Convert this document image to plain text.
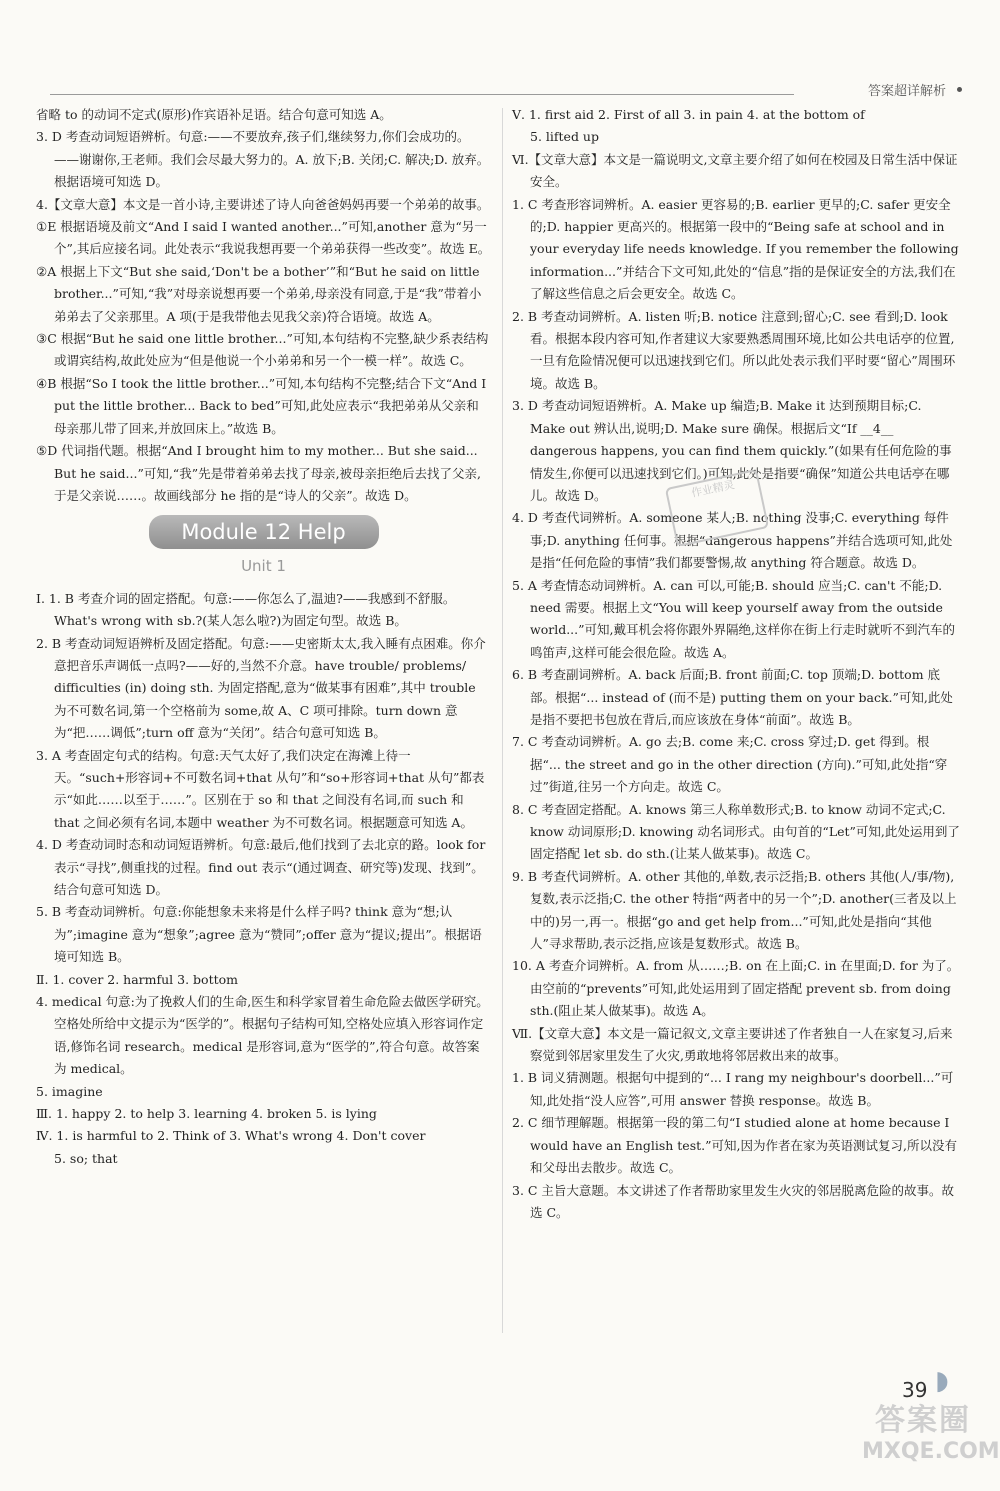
答案超详解析

省略 to 的动词不定式(原形)作宾语补足语。结合句意可知选 A。

3. D 考查动词短语辨析。句意:——不要放弃,孩子们,继续努力,你们会成功的。——谢谢你,王老师。我们会尽最大努力的。A. 放下;B. 关闭;C. 解决;D. 放弃。根据语境可知选 D。

4.【文章大意】本文是一首小诗,主要讲述了诗人向爸爸妈妈再要一个弟弟的故事。

①E 根据语境及前文“And I said I wanted another...”可知,another 意为“另一个”,其后应接名词。此处表示“我说我想再要一个弟弟获得一些改变”。故选 E。

②A 根据上下文“But she said,‘Don't be a bother’”和“But he said on little brother...”可知,“我”对母亲说想再要一个弟弟,母亲没有同意,于是“我”带着小弟弟去了父亲那里。A 项(于是我带他去见我父亲)符合语境。故选 A。

③C 根据“But he said one little brother...”可知,本句结构不完整,缺少系表结构或谓宾结构,故此处应为“但是他说一个小弟弟和另一个一模一样”。故选 C。

④B 根据“So I took the little brother...”可知,本句结构不完整;结合下文“And I put the little brother... Back to bed”可知,此处应表示“我把弟弟从父亲和母亲那儿带了回来,并放回床上。”故选 B。

⑤D 代词指代题。根据“And I brought him to my mother... But she said... But he said...”可知,“我”先是带着弟弟去找了母亲,被母亲拒绝后去找了父亲,于是父亲说……。故画线部分 he 指的是“诗人的父亲”。故选 D。

Module 12 Help
Unit 1

Ⅰ. 1. B 考查介词的固定搭配。句意:——你怎么了,温迪?——我感到不舒服。What's wrong with sb.?(某人怎么啦?)为固定句型。故选 B。

2. B 考查动词短语辨析及固定搭配。句意:——史密斯太太,我入睡有点困难。你介意把音乐声调低一点吗?——好的,当然不介意。have trouble/ problems/ difficulties (in) doing sth. 为固定搭配,意为“做某事有困难”,其中 trouble 为不可数名词,第一个空格前为 some,故 A、C 项可排除。turn down 意为“把……调低”;turn off 意为“关闭”。结合句意可知选 B。

3. A 考查固定句式的结构。句意:天气太好了,我们决定在海滩上待一天。“such+形容词+不可数名词+that 从句”和“so+形容词+that 从句”都表示“如此……以至于……”。区别在于 so 和 that 之间没有名词,而 such 和 that 之间必须有名词,本题中 weather 为不可数名词。根据题意可知选 A。

4. D 考查动词时态和动词短语辨析。句意:最后,他们找到了去北京的路。look for 表示“寻找”,侧重找的过程。find out 表示“(通过调查、研究等)发现、找到”。结合句意可知选 D。

5. B 考查动词辨析。句意:你能想象未来将是什么样子吗? think 意为“想;认为”;imagine 意为“想象”;agree 意为“赞同”;offer 意为“提议;提出”。根据语境可知选 B。

Ⅱ. 1. cover 2. harmful 3. bottom

4. medical 句意:为了挽救人们的生命,医生和科学家冒着生命危险去做医学研究。空格处所给中文提示为“医学的”。根据句子结构可知,空格处应填入形容词作定语,修饰名词 research。medical 是形容词,意为“医学的”,符合句意。故答案为 medical。

5. imagine

Ⅲ. 1. happy 2. to help 3. learning 4. broken 5. is lying

Ⅳ. 1. is harmful to 2. Think of 3. What's wrong 4. Don't cover

5. so; that

Ⅴ. 1. first aid 2. First of all 3. in pain 4. at the bottom of

5. lifted up

Ⅵ.【文章大意】本文是一篇说明文,文章主要介绍了如何在校园及日常生活中保证安全。

1. C 考查形容词辨析。A. easier 更容易的;B. earlier 更早的;C. safer 更安全的;D. happier 更高兴的。根据第一段中的“Being safe at school and in your everyday life needs knowledge. If you remember the following information...”并结合下文可知,此处的“信息”指的是保证安全的方法,我们在了解这些信息之后会更安全。故选 C。

2. B 考查动词辨析。A. listen 听;B. notice 注意到;留心;C. see 看到;D. look 看。根据本段内容可知,作者建议大家要熟悉周围环境,比如公共电话亭的位置,一旦有危险情况便可以迅速找到它们。所以此处表示我们平时要“留心”周围环境。故选 B。

3. D 考查动词短语辨析。A. Make up 编造;B. Make it 达到预期目标;C. Make out 辨认出,说明;D. Make sure 确保。根据后文“If __4__ dangerous happens, you can find them quickly.”(如果有任何危险的事情发生,你便可以迅速找到它们。)可知,此处是指要“确保”知道公共电话亭在哪儿。故选 D。

4. D 考查代词辨析。A. someone 某人;B. nothing 没事;C. everything 每件事;D. anything 任何事。根据“dangerous happens”并结合选项可知,此处是指“任何危险的事情”我们都要警惕,故 anything 符合题意。故选 D。

5. A 考查情态动词辨析。A. can 可以,可能;B. should 应当;C. can't 不能;D. need 需要。根据上文“You will keep yourself away from the outside world...”可知,戴耳机会将你跟外界隔绝,这样你在街上行走时就听不到汽车的鸣笛声,这样可能会很危险。故选 A。

6. B 考查副词辨析。A. back 后面;B. front 前面;C. top 顶端;D. bottom 底部。根据“... instead of (而不是) putting them on your back.”可知,此处是指不要把书包放在背后,而应该放在身体“前面”。故选 B。

7. C 考查动词辨析。A. go 去;B. come 来;C. cross 穿过;D. get 得到。根据“... the street and go in the other direction (方向).”可知,此处指“穿过”街道,往另一个方向走。故选 C。

8. C 考查固定搭配。A. knows 第三人称单数形式;B. to know 动词不定式;C. know 动词原形;D. knowing 动名词形式。由句首的“Let”可知,此处运用到了固定搭配 let sb. do sth.(让某人做某事)。故选 C。

9. B 考查代词辨析。A. other 其他的,单数,表示泛指;B. others 其他(人/事/物),复数,表示泛指;C. the other 特指“两者中的另一个”;D. another(三者及以上中的)另一,再一。根据“go and get help from...”可知,此处是指向“其他人”寻求帮助,表示泛指,应该是复数形式。故选 B。

10. A 考查介词辨析。A. from 从……;B. on 在上面;C. in 在里面;D. for 为了。由空前的“prevents”可知,此处运用到了固定搭配 prevent sb. from doing sth.(阻止某人做某事)。故选 A。

Ⅶ.【文章大意】本文是一篇记叙文,文章主要讲述了作者独自一人在家复习,后来察觉到邻居家里发生了火灾,勇敢地将邻居救出来的故事。

1. B 词义猜测题。根据句中提到的“... I rang my neighbour's doorbell...”可知,此处指“没人应答”,可用 answer 替换 response。故选 B。

2. C 细节理解题。根据第一段的第二句“I studied alone at home because I would have an English test.”可知,因为作者在家为英语测试复习,所以没有和父母出去散步。故选 C。

3. C 主旨大意题。本文讲述了作者帮助家里发生火灾的邻居脱离危险的故事。故选 C。

作业精灵
39 ◗
答案圈
MXQE.COM
